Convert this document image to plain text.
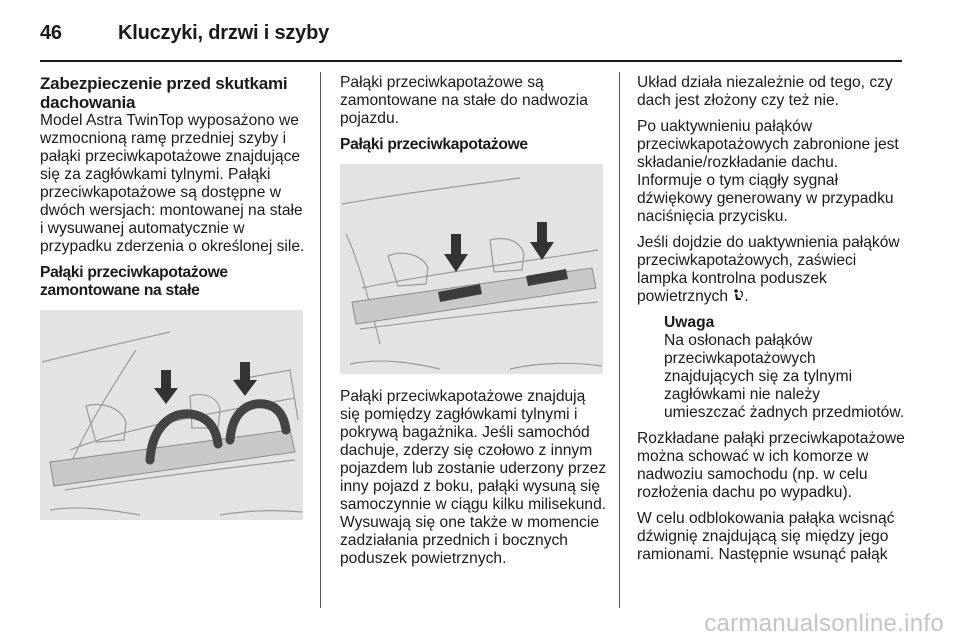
46	Kluczyki, drzwi i szyby
Zabezpieczenie przed skutkami dachowania

Model Astra TwinTop wyposażono we wzmocnioną ramę przedniej szyby i pałąki przeciwkapotażowe znajdujące się za zagłówkami tylnymi. Pałąki przeciwkapotażowe są dostępne w dwóch wersjach: montowanej na stałe i wysuwanej automatycznie w przypadku zderzenia o określonej sile.

Pałąki przeciwkapotażowe zamontowane na stałe

Pałąki przeciwkapotażowe są zamontowane na stałe do nadwozia pojazdu.

Pałąki przeciwkapotażowe

Pałąki przeciwkapotażowe znajdują się pomiędzy zagłówkami tylnymi i pokrywą bagażnika. Jeśli samochód dachuje, zderzy się czołowo z innym pojazdem lub zostanie uderzony przez inny pojazd z boku, pałąki wysuną się samoczynnie w ciągu kilku milisekund. Wysuwają się one także w momencie zadziałania przednich i bocznych poduszek powietrznych.

Układ działa niezależnie od tego, czy dach jest złożony czy też nie.

Po uaktywnieniu pałąków przeciwkapotażowych zabronione jest składanie/rozkładanie dachu. Informuje o tym ciągły sygnał dźwiękowy generowany w przypadku naciśnięcia przycisku.

Jeśli dojdzie do uaktywnienia pałąków przeciwkapotażowych, zaświeci lampka kontrolna poduszek powietrznych .

Uwaga

Na osłonach pałąków przeciwkapotażowych znajdujących się za tylnymi zagłówkami nie należy umieszczać żadnych przedmiotów.

Rozkładane pałąki przeciwkapotażowe można schować w ich komorze w nadwoziu samochodu (np. w celu rozłożenia dachu po wypadku).

W celu odblokowania pałąka wcisnąć dźwignię znajdującą się między jego ramionami. Następnie wsunąć pałąk

carmanualsonline.info
